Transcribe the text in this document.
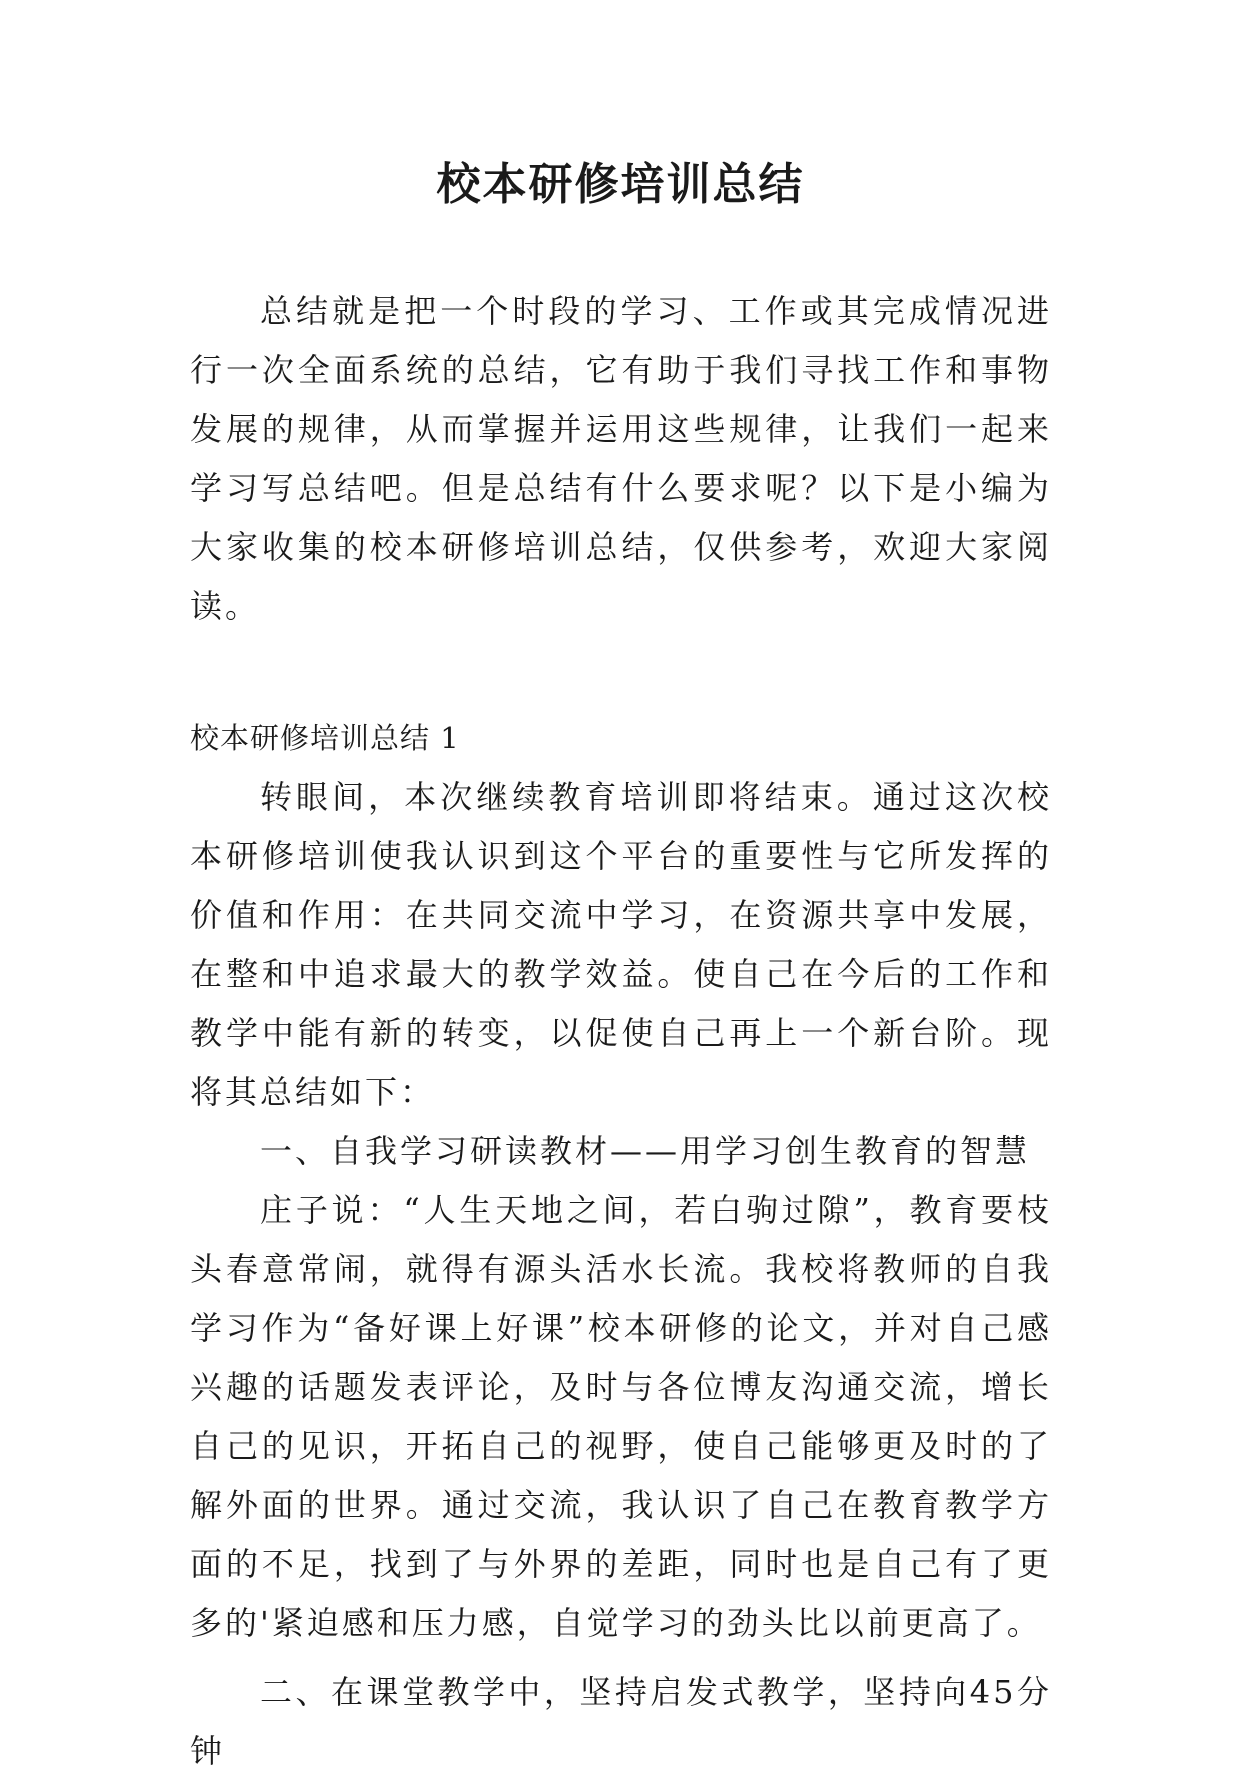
校本研修培训总结

总结就是把一个时段的学习、工作或其完成情况进行一次全面系统的总结，它有助于我们寻找工作和事物发展的规律，从而掌握并运用这些规律，让我们一起来学习写总结吧。但是总结有什么要求呢？以下是小编为大家收集的校本研修培训总结，仅供参考，欢迎大家阅读。

校本研修培训总结 1

转眼间，本次继续教育培训即将结束。通过这次校本研修培训使我认识到这个平台的重要性与它所发挥的价值和作用：在共同交流中学习，在资源共享中发展，在整和中追求最大的教学效益。使自己在今后的工作和教学中能有新的转变，以促使自己再上一个新台阶。现将其总结如下：

一、自我学习研读教材——用学习创生教育的智慧

庄子说：“人生天地之间，若白驹过隙”，教育要枝头春意常闹，就得有源头活水长流。我校将教师的自我学习作为“备好课上好课”校本研修的论文，并对自己感兴趣的话题发表评论，及时与各位博友沟通交流，增长自己的见识，开拓自己的视野，使自己能够更及时的了解外面的世界。通过交流，我认识了自己在教育教学方面的不足，找到了与外界的差距，同时也是自己有了更多的'紧迫感和压力感，自觉学习的劲头比以前更高了。

二、在课堂教学中，坚持启发式教学，坚持向45分钟
